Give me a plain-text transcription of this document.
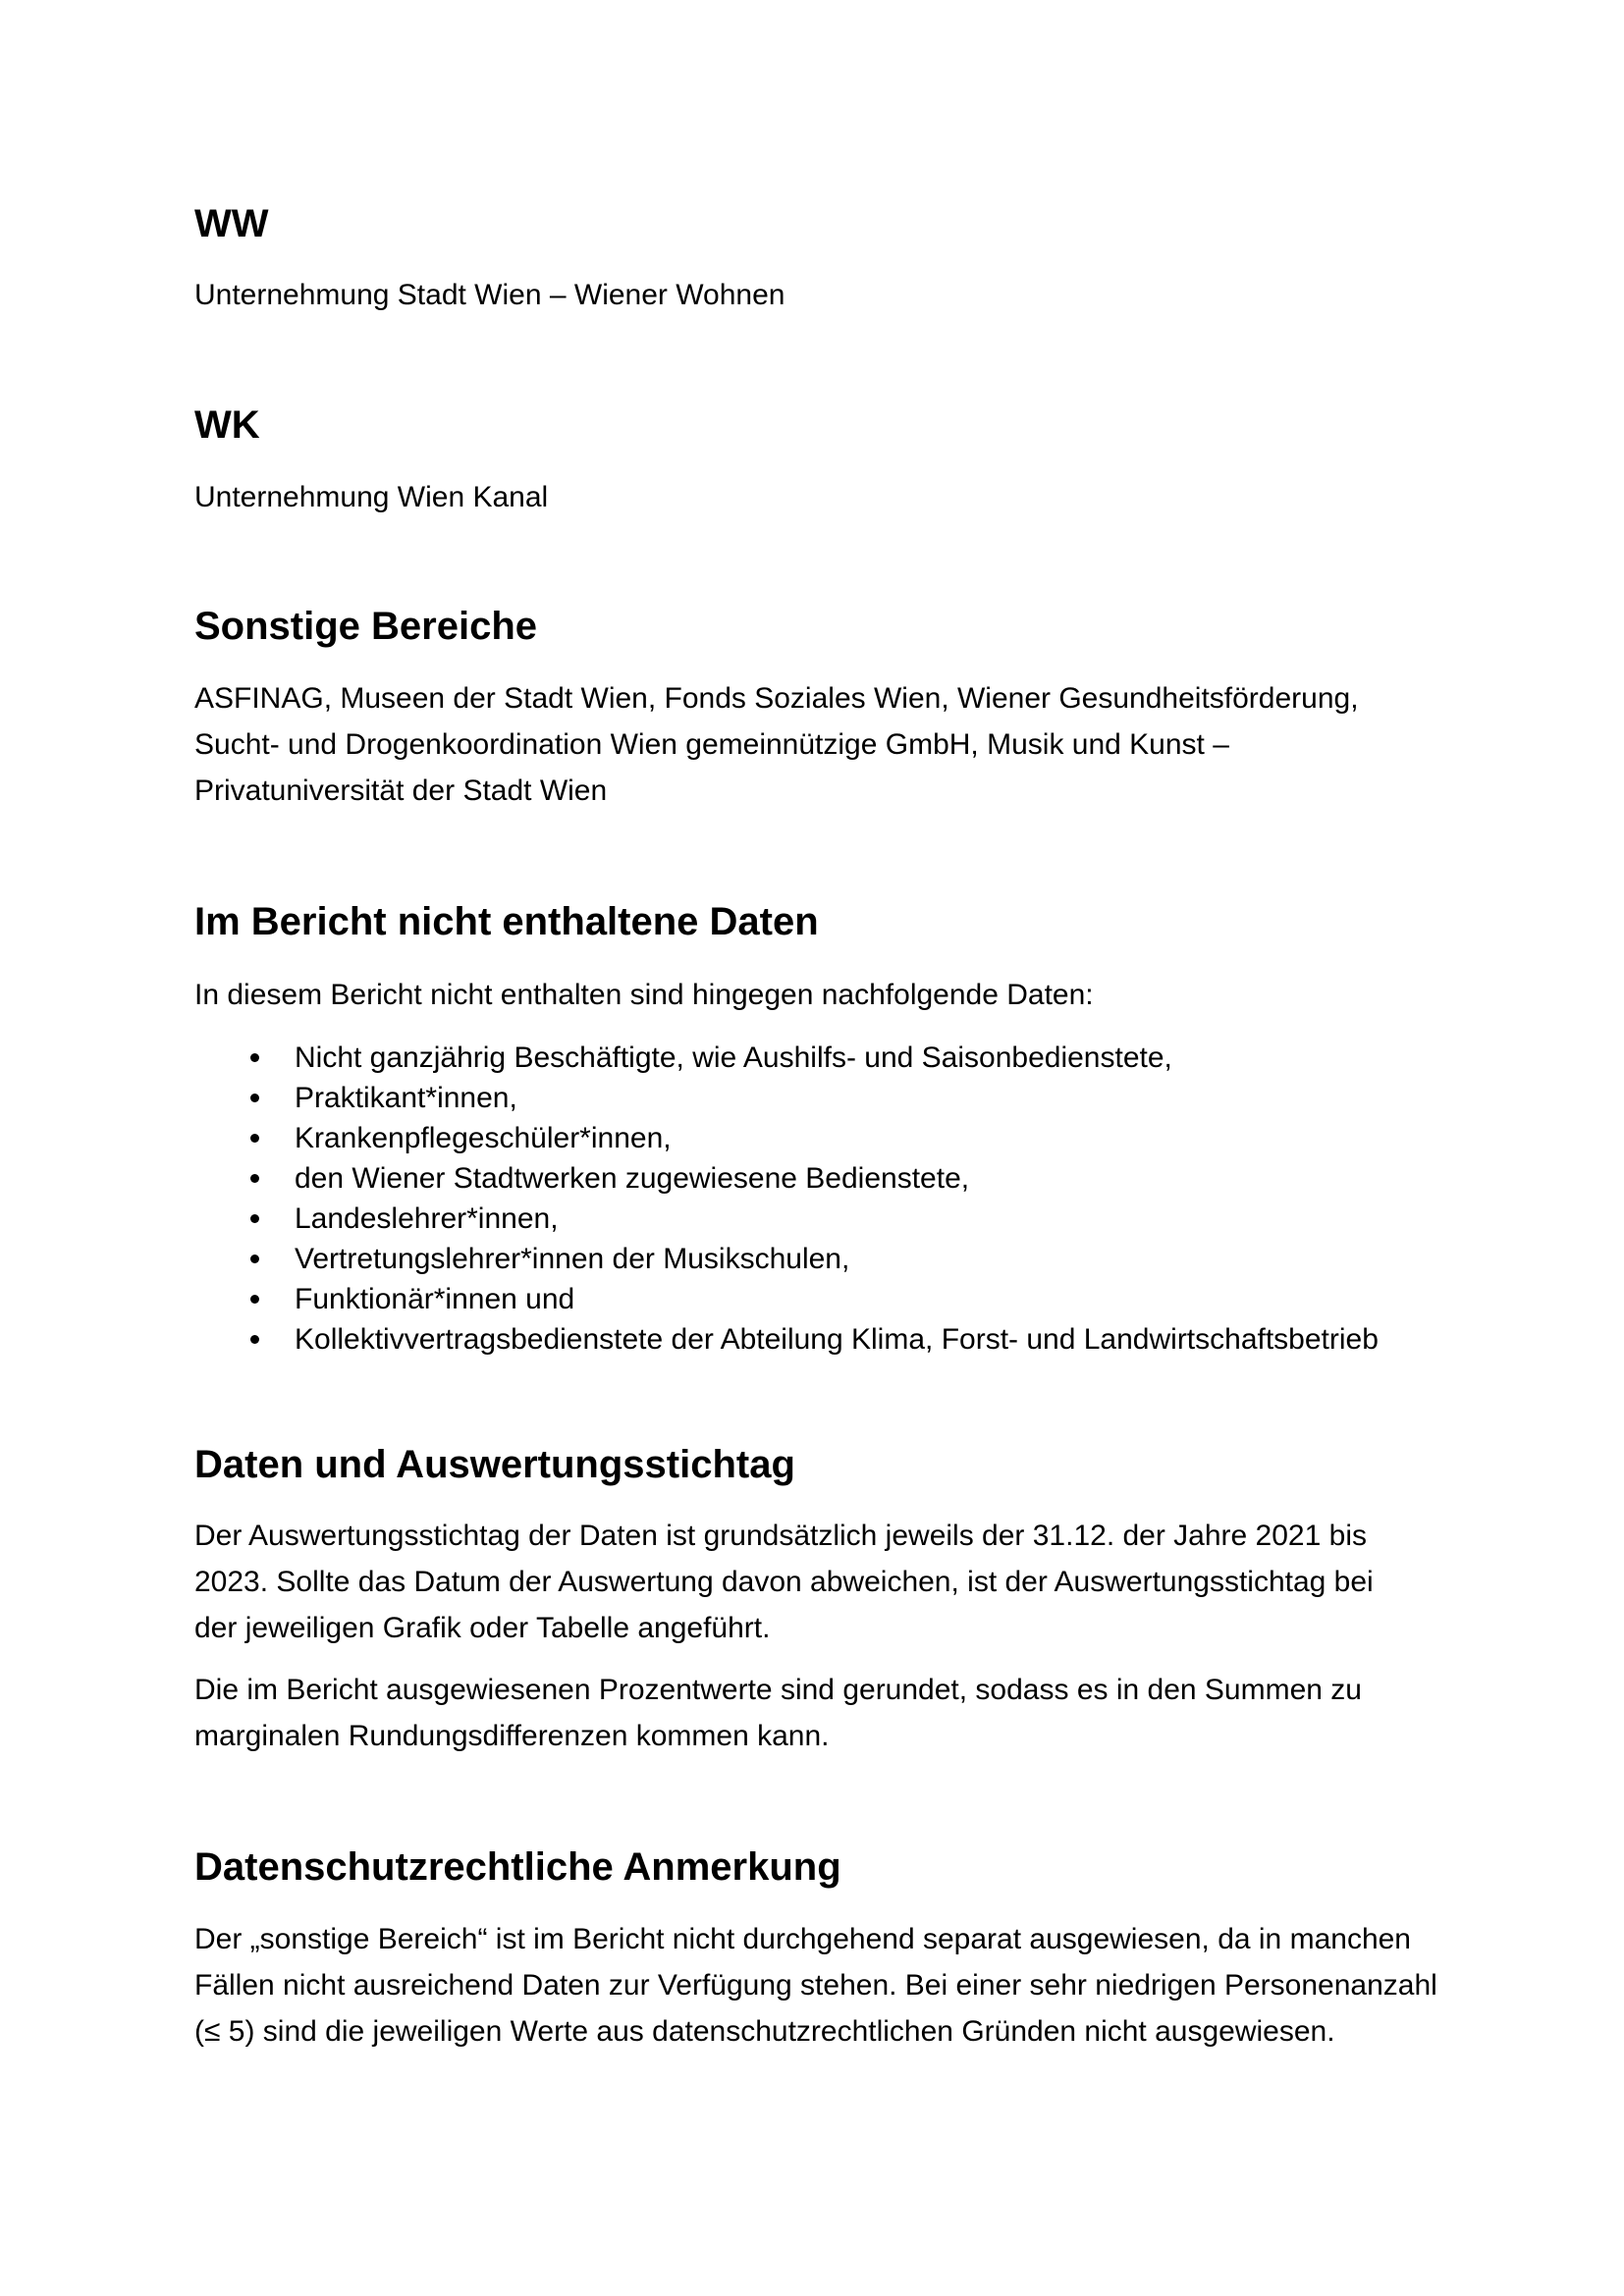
WW

Unternehmung Stadt Wien – Wiener Wohnen

WK

Unternehmung Wien Kanal

Sonstige Bereiche

ASFINAG, Museen der Stadt Wien, Fonds Soziales Wien, Wiener Gesundheitsförderung, Sucht- und Drogenkoordination Wien gemeinnützige GmbH, Musik und Kunst – Privatuniversität der Stadt Wien

Im Bericht nicht enthaltene Daten

In diesem Bericht nicht enthalten sind hingegen nachfolgende Daten:

Nicht ganzjährig Beschäftigte, wie Aushilfs- und Saisonbedienstete,
Praktikant*innen,
Krankenpflegeschüler*innen,
den Wiener Stadtwerken zugewiesene Bedienstete,
Landeslehrer*innen,
Vertretungslehrer*innen der Musikschulen,
Funktionär*innen und
Kollektivvertragsbedienstete der Abteilung Klima, Forst- und Landwirtschaftsbetrieb
Daten und Auswertungsstichtag

Der Auswertungsstichtag der Daten ist grundsätzlich jeweils der 31.12. der Jahre 2021 bis 2023. Sollte das Datum der Auswertung davon abweichen, ist der Auswertungsstichtag bei der jeweiligen Grafik oder Tabelle angeführt.

Die im Bericht ausgewiesenen Prozentwerte sind gerundet, sodass es in den Summen zu marginalen Rundungsdifferenzen kommen kann.

Datenschutzrechtliche Anmerkung

Der „sonstige Bereich“ ist im Bericht nicht durchgehend separat ausgewiesen, da in manchen Fällen nicht ausreichend Daten zur Verfügung stehen. Bei einer sehr niedrigen Personenanzahl (≤ 5) sind die jeweiligen Werte aus datenschutzrechtlichen Gründen nicht ausgewiesen.
